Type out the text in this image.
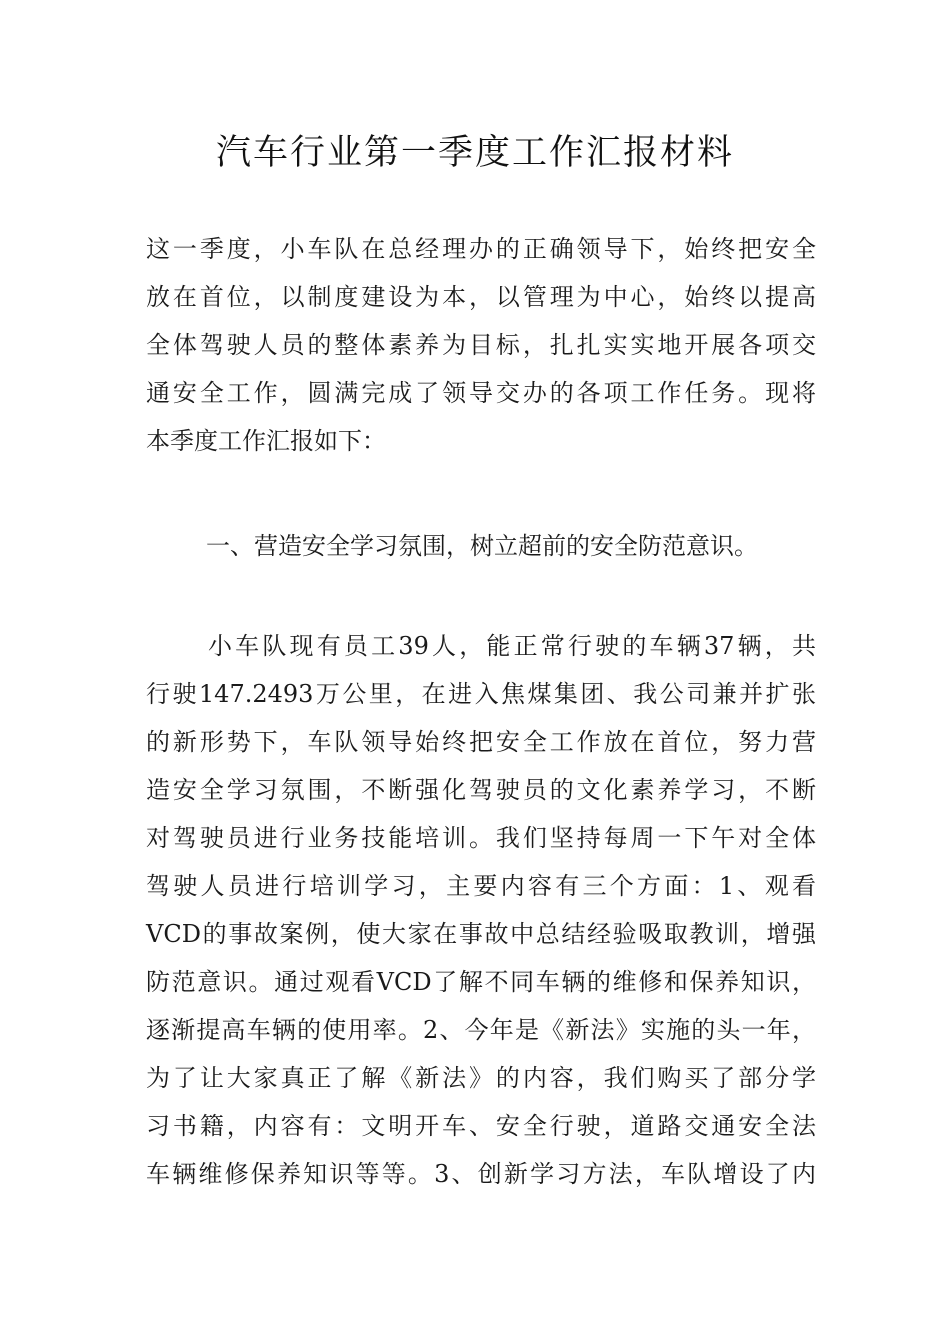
汽车行业第一季度工作汇报材料
这一季度，小车队在总经理办的正确领导下，始终把安全
放在首位，以制度建设为本，以管理为中心，始终以提高
全体驾驶人员的整体素养为目标，扎扎实实地开展各项交
通安全工作，圆满完成了领导交办的各项工作任务。现将
本季度工作汇报如下：
一、营造安全学习氛围，树立超前的安全防范意识。
小车队现有员工39人，能正常行驶的车辆37辆，共
行驶147.2493万公里，在进入焦煤集团、我公司兼并扩张
的新形势下，车队领导始终把安全工作放在首位，努力营
造安全学习氛围，不断强化驾驶员的文化素养学习，不断
对驾驶员进行业务技能培训。我们坚持每周一下午对全体
驾驶人员进行培训学习，主要内容有三个方面：1、观看
VCD的事故案例，使大家在事故中总结经验吸取教训，增强
防范意识。通过观看VCD了解不同车辆的维修和保养知识，
逐渐提高车辆的使用率。2、今年是《新法》实施的头一年，
为了让大家真正了解《新法》的内容，我们购买了部分学
习书籍，内容有：文明开车、安全行驶，道路交通安全法
车辆维修保养知识等等。3、创新学习方法，车队增设了内
